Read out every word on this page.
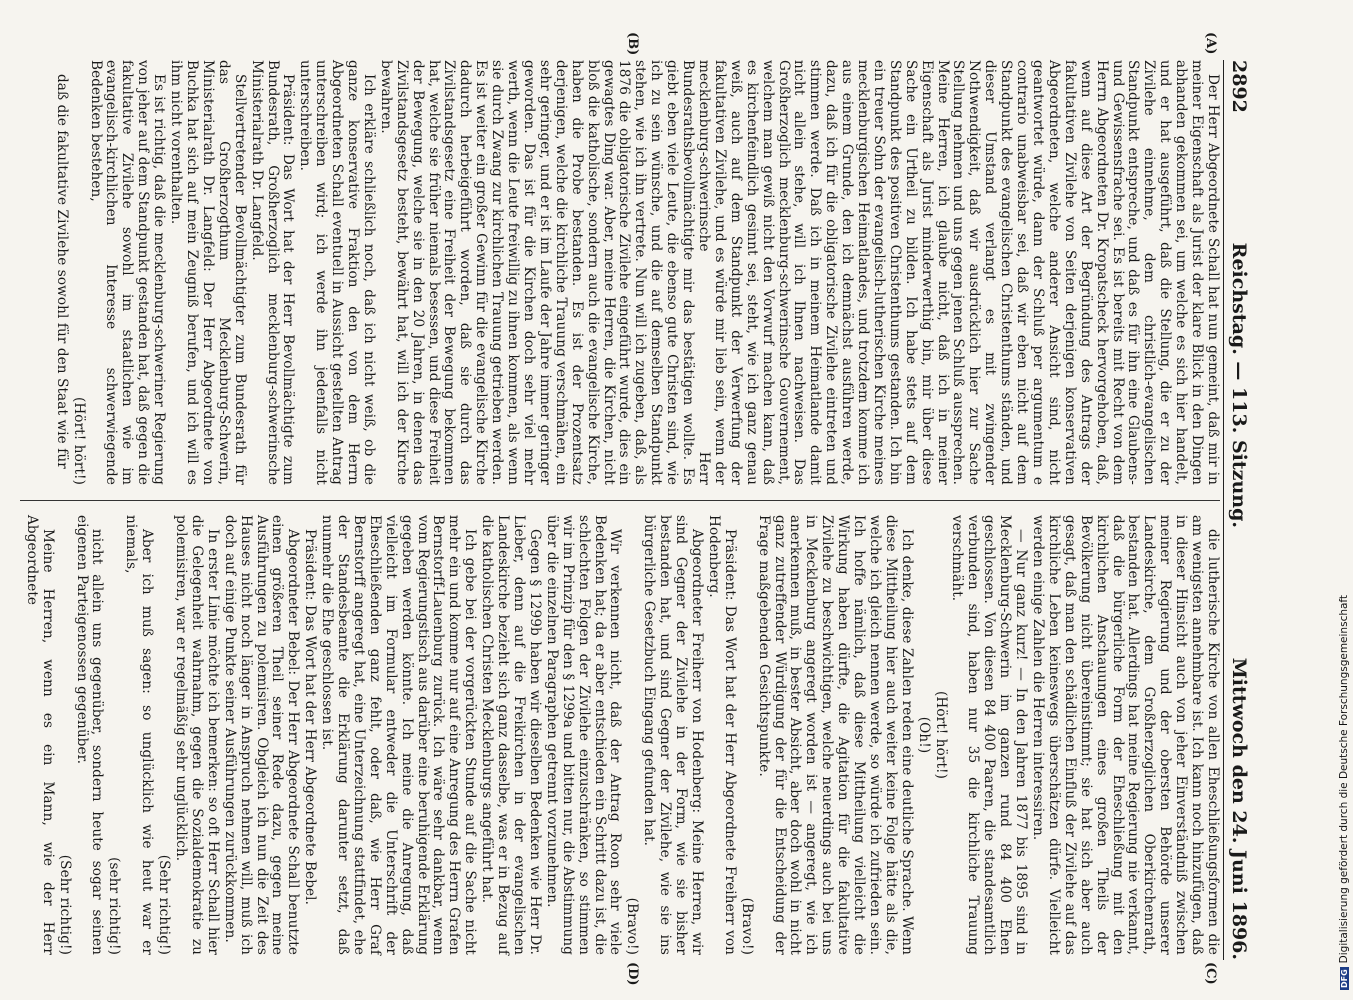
2892
Reichstag. — 113. Sitzung.
Mittwoch den 24. Juni 1896.
(A)
(B)
(C)
(D)

Der Herr Abgeordnete Schall hat nun gemeint, daß mir in meiner Eigenschaft als Jurist der klare Blick in den Dingen abhanden gekommen sei, um welche es sich hier handelt, und er hat ausgeführt, daß die Stellung, die er zu der Zivilehe einnehme, dem christlich-evangelischen Standpunkt entspreche, und daß es für ihn eine Glaubens- und Gewissensfrache sei. Es ist bereits mit Recht von dem Herrn Abgeordneten Dr. Kropatscheck hervorgehoben, daß, wenn auf diese Art der Begründung des Antrags der fakultativen Zivilehe von Seiten derjenigen konservativen Abgeordneten, welche anderer Ansicht sind, nicht geantwortet würde, dann der Schluß per argumentum e contrario unabweisbar sei, daß wir eben nicht auf dem Standpunkt des evangelischen Christenthums ständen, und dieser Umstand verlangt es mit zwingender Nothwendigkeit, daß wir ausdrücklich hier zur Sache Stellung nehmen und uns gegen jenen Schluß aussprechen. Meine Herren, ich glaube nicht, daß ich in meiner Eigenschaft als Jurist minderwerthig bin, mir über diese Sache ein Urtheil zu bilden. Ich habe stets auf dem Standpunkt des positiven Christenthums gestanden. Ich bin ein treuer Sohn der evangelisch-lutherischen Kirche meines mecklenburgischen Heimatlandes, und trotzdem komme ich aus einem Grunde, den ich demnächst ausführen werde, dazu, daß ich für die obligatorische Zivilehe eintreten und stimmen werde. Daß ich in meinem Heimatlande damit nicht allein stehe, will ich Ihnen nachweisen. Das Großherzoglich mecklenburg-schwerinsche Gouvernement, welchem man gewiß nicht den Vorwurf machen kann, daß es kirchenfeindlich gesinnt sei, steht, wie ich ganz genau weiß, auch auf dem Standpunkt der Verwerfung der fakultativen Zivilehe, und es würde mir lieb sein, wenn der mecklenburg-schwerinsche Herr Bundesrathsbevollmächtigte mir das bestätigen wollte. Es giebt eben viele Leute, die ebenso gute Christen sind, wie ich zu sein wünsche, und die auf demselben Standpunkt stehen, wie ich ihn vertrete. Nun will ich zugeben, daß, als 1876 die obligatorische Zivilehe eingeführt wurde, dies ein gewagtes Ding war. Aber, meine Herren, die Kirchen, nicht bloß die katholische, sondern auch die evangelische Kirche, haben die Probe bestanden. Es ist der Prozentsatz derjenigen, welche die kirchliche Trauung verschmähen, ein sehr geringer, und er ist im Laufe der Jahre immer geringer geworden. Das ist für die Kirchen doch sehr viel mehr werth, wenn die Leute freiwillig zu ihnen kommen, als wenn sie durch Zwang zur kirchlichen Trauung getrieben werden. Es ist weiter ein großer Gewinn für die evangelische Kirche dadurch herbeigeführt worden, daß sie durch das Zivilstandsgesetz eine Freiheit der Bewegung bekommen hat, welche sie früher niemals besessen, und diese Freiheit der Bewegung, welche sie in den 20 Jahren, in denen das Zivilstandsgesetz besteht, bewährt hat, will ich der Kirche bewahren.

Ich erkläre schließlich noch, daß ich nicht weiß, ob die ganze konservative Fraktion den von dem Herrn Abgeordneten Schall eventuell in Aussicht gestellten Antrag unterschreiben wird; ich werde ihn jedenfalls nicht unterschreiben.

Präsident: Das Wort hat der Herr Bevollmächtigte zum Bundesrath, Großherzoglich mecklenburg-schwerinsche Ministerialrath Dr. Langfeld.

Stellvertretender Bevollmächtigter zum Bundesrath für das Großherzogthum Mecklenburg-Schwerin, Ministerialrath Dr. Langfeld: Der Herr Abgeordnete von Buchka hat sich auf mein Zeugniß berufen, und ich will es ihm nicht vorenthalten.

Es ist richtig, daß die mecklenburg-schweriner Regierung von jeher auf dem Standpunkt gestanden hat, daß gegen die fakultative Zivilehe sowohl im staatlichen wie im evangelisch-kirchlichen Interesse schwerwiegende Bedenken bestehen,

(Hört! hört!)

daß die fakultative Zivilehe sowohl für den Staat wie für

die lutherische Kirche von allen Eheschließungsformen die am wenigsten annehmbare ist. Ich kann noch hinzufügen, daß in dieser Hinsicht auch von jeher Einverständniß zwischen meiner Regierung und der obersten Behörde unserer Landeskirche, dem Großherzoglichen Oberkirchenrath, bestanden hat. Allerdings hat meine Regierung nie verkannt, daß die bürgerliche Form der Eheschließung mit den kirchlichen Anschauungen eines großen Theils der Bevölkerung nicht übereinstimmt; sie hat sich aber auch gesagt, daß man den schädlichen Einfluß der Zivilehe auf das kirchliche Leben keineswegs überschätzen dürfe. Vielleicht werden einige Zahlen die Herren interessiren.

— Nur ganz kurz! — In den Jahren 1877 bis 1895 sind in Mecklenburg-Schwerin im ganzen rund 84 400 Ehen geschlossen. Von diesen 84 400 Paaren, die standesamtlich verbunden sind, haben nur 35 die kirchliche Trauung verschmäht.

(Hört! hört!)

(Oh!)

Ich denke, diese Zahlen reden eine deutliche Sprache. Wenn diese Mittheilung hier auch weiter keine Folge hätte als die, welche ich gleich nennen werde, so würde ich zufrieden sein. Ich hoffe nämlich, daß diese Mittheilung vielleicht die Wirkung haben dürfte, die Agitation für die fakultative Zivilehe zu beschwichtigen, welche neuerdings auch bei uns in Mecklenburg angeregt worden ist — angeregt, wie ich anerkennen muß, in bester Absicht, aber doch wohl in nicht ganz zutreffender Würdigung der für die Entscheidung der Frage maßgebenden Gesichtspunkte.

(Bravo!)

Präsident: Das Wort hat der Herr Abgeordnete Freiherr von Hodenberg.

Abgeordneter Freiherr von Hodenberg: Meine Herren, wir sind Gegner der Zivilehe in der Form, wie sie bisher bestanden hat, und sind Gegner der Zivilehe, wie sie ins bürgerliche Gesetzbuch Eingang gefunden hat.

(Bravo!)

Wir verkennen nicht, daß der Antrag Roon sehr viele Bedenken hat; da er aber entschieden ein Schritt dazu ist, die schlechten Folgen der Zivilehe einzuschränken, so stimmen wir im Prinzip für den § 1299a und bitten nur, die Abstimmung über die einzelnen Paragraphen getrennt vorzunehmen.

Gegen § 1299b haben wir dieselben Bedenken wie Herr Dr. Lieber, denn auf die Freikirchen in der evangelischen Landeskirche bezieht sich ganz dasselbe, was er in Bezug auf die katholischen Christen Mecklenburgs angeführt hat.

Ich gebe bei der vorgerückten Stunde auf die Sache nicht mehr ein und komme nur auf eine Anregung des Herrn Grafen Bernstorff-Lauenburg zurück. Ich wäre sehr dankbar, wenn vom Regierungstisch aus darüber eine beruhigende Erklärung gegeben werden könnte. Ich meine die Anregung, daß vielleicht im Formular entweder die Unterschrift der Eheschließenden ganz fehlt, oder daß, wie Herr Graf Bernstorff angeregt hat, eine Unterzeichnung stattfindet, ehe der Standesbeamte die Erklärung darunter setzt, daß nunmehr die Ehe geschlossen ist.

Präsident: Das Wort hat der Herr Abgeordnete Bebel.

Abgeordneter Bebel: Der Herr Abgeordnete Schall benutzte einen größeren Theil seiner Rede dazu, gegen meine Ausführungen zu polemisiren. Obgleich ich nun die Zeit des Hauses nicht noch länger in Anspruch nehmen will, muß ich doch auf einige Punkte seiner Ausführungen zurückkommen.

In erster Linie möchte ich bemerken: so oft Herr Schall hier die Gelegenheit wahrnahm, gegen die Sozialdemokratie zu polemisiren, war er regelmäßig sehr unglücklich.

(Sehr richtig!)

Aber ich muß sagen: so unglücklich wie heut war er niemals,

(sehr richtig!)

nicht allein uns gegenüber, sondern heute sogar seinen eigenen Parteigenossen gegenüber.

(Sehr richtig!)

Meine Herren, wenn es ein Mann, wie der Herr Abgeordnete

DFGDigitalisierung gefördert durch die Deutsche Forschungsgemeinschaft
